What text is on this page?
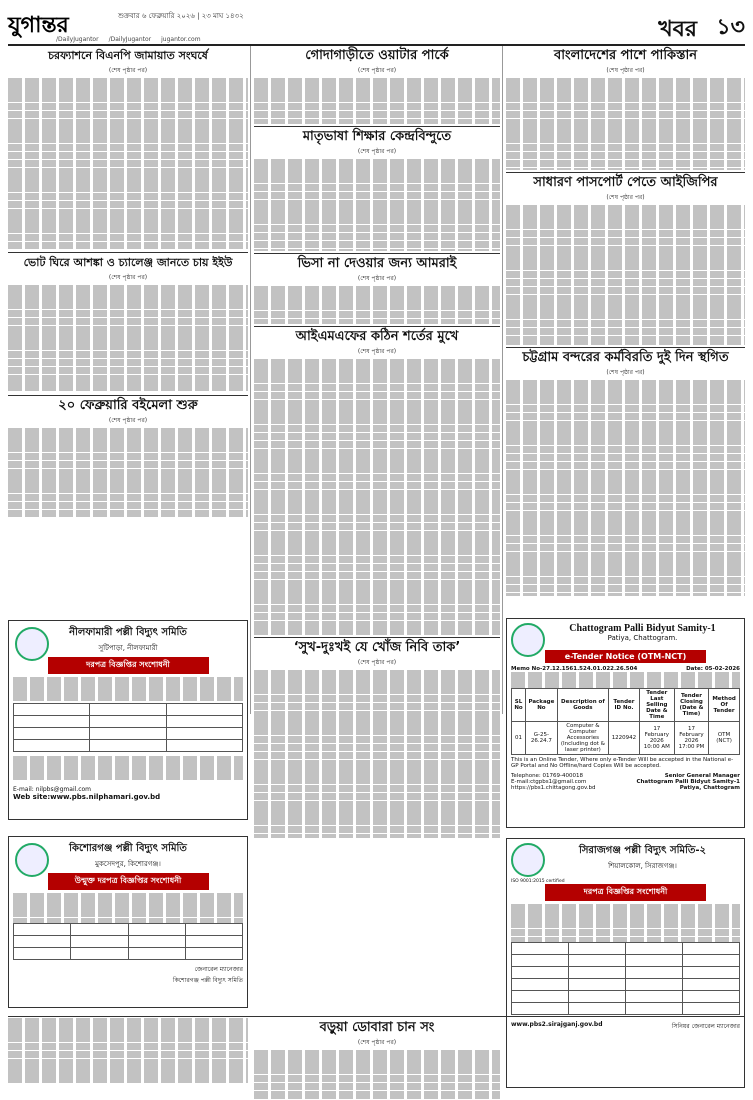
যুগান্তর	শুক্রবার ৬ ফেব্রুয়ারি ২০২৬ | ২৩ মাঘ ১৪৩২
/DailyJugantor /DailyJugantor jugantor.com	খবর ১৩
চরফ্যাশনে বিএনপি জামায়াত সংঘর্ষে
(শেষ পৃষ্ঠার পর)
ভোট ঘিরে আশঙ্কা ও চ্যালেঞ্জ জানতে চায় ইইউ
(শেষ পৃষ্ঠার পর)
২০ ফেব্রুয়ারি বইমেলা শুরু
(শেষ পৃষ্ঠার পর)
গোদাগাড়ীতে ওয়াটার পার্কে
(শেষ পৃষ্ঠার পর)
মাতৃভাষা শিক্ষার কেন্দ্রবিন্দুতে
(শেষ পৃষ্ঠার পর)
ভিসা না দেওয়ার জন্য আমরাই
(শেষ পৃষ্ঠার পর)
আইএমএফের কঠিন শর্তের মুখে
(শেষ পৃষ্ঠার পর)
‘সুখ-দুঃখই যে খোঁজ নিবি তাক’
(শেষ পৃষ্ঠার পর)
বাংলাদেশের পাশে পাকিস্তান
(শেষ পৃষ্ঠার পর)
সাধারণ পাসপোর্ট পেতে আইজিপির
(শেষ পৃষ্ঠার পর)
চট্টগ্রাম বন্দরের কর্মবিরতি দুই দিন স্থগিত
(শেষ পৃষ্ঠার পর)
নীলফামারী পল্লী বিদ্যুৎ সমিতি
সুটিপাড়া, নীলফামারী
দরপত্র বিজ্ঞপ্তির সংশোধনী

E-mail: nilpbs@gmail.com
Web site:www.pbs.nilphamari.gov.bd
কিশোরগঞ্জ পল্লী বিদ্যুৎ সমিতি
মুকসেদপুর, কিশোরগঞ্জ।
উন্মুক্ত দরপত্র বিজ্ঞপ্তির সংশোধনী

জেনারেল ম্যানেজার
কিশোরগঞ্জ পল্লী বিদ্যুৎ সমিতি
Chattogram Palli Bidyut Samity-1
Patiya, Chattogram.
e-Tender Notice (OTM-NCT)
Memo No-27.12.1561.524.01.022.26.504	Date: 05-02-2026
SL No	Package No	Description of Goods	Tender ID No.	Tender Last Selling Date & Time	Tender Closing (Date & Time)	Method Of Tender
01	G-25-26.24.7	Computer & Computer Accessories (Including dot & laser printer)	1220942	17 February 2026 10:00 AM	17 February 2026 17:00 PM	OTM (NCT)
This is an Online Tender, Where only e-Tender Will be accepted in the National e-GP Portal and No Offline/hard Copies Will be accepted.
Telephone: 01769-400018
E-mail:ctgpbs1@gmail.com
https://pbs1.chittagong.gov.bd
Senior General Manager
Chattogram Palli Bidyut Samity-1
Patiya, Chattogram
ISO 9001:2015 certified
সিরাজগঞ্জ পল্লী বিদ্যুৎ সমিতি-২
শিয়ালকোল, সিরাজগঞ্জ।
দরপত্র বিজ্ঞপ্তির সংশোধনী

www.pbs2.sirajganj.gov.bd	সিনিয়র জেনারেল ম্যানেজার
বড়ুয়া ডোবারা চান সং
(শেষ পৃষ্ঠার পর)
